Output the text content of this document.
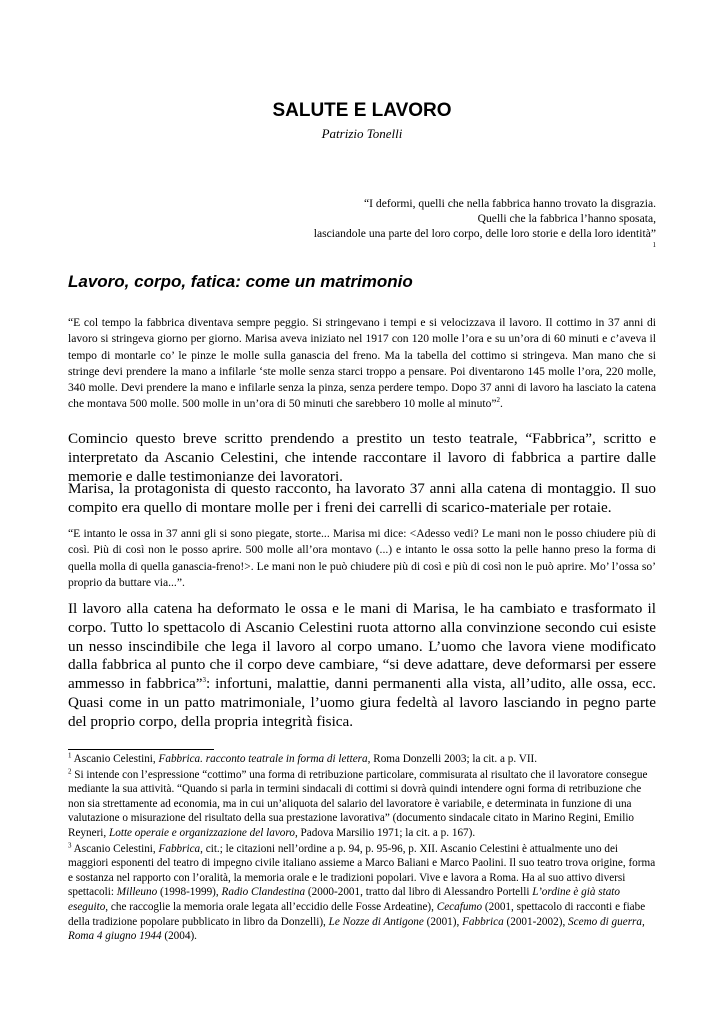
SALUTE E LAVORO
Patrizio Tonelli
“I deformi, quelli che nella fabbrica hanno trovato la disgrazia.
Quelli che la fabbrica l’hanno sposata,
lasciandole una parte del loro corpo, delle loro storie e della loro identità”
$^1$
Lavoro, corpo, fatica: come un matrimonio
“E col tempo la fabbrica diventava sempre peggio. Si stringevano i tempi e si velocizzava il lavoro. Il cottimo in 37 anni di lavoro si stringeva giorno per giorno. Marisa aveva iniziato nel 1917 con 120 molle l’ora e su un’ora di 60 minuti e c’aveva il tempo di montarle co’ le pinze le molle sulla ganascia del freno. Ma la tabella del cottimo si stringeva. Man mano che si stringe devi prendere la mano a infilarle ‘ste molle senza starci troppo a pensare. Poi diventarono 145 molle l’ora, 220 molle, 340 molle. Devi prendere la mano e infilarle senza la pinza, senza perdere tempo. Dopo 37 anni di lavoro ha lasciato la catena che montava 500 molle. 500 molle in un’ora di 50 minuti che sarebbero 10 molle al minuto”$^2$.
Comincio questo breve scritto prendendo a prestito un testo teatrale, “Fabbrica”, scritto e interpretato da Ascanio Celestini, che intende raccontare il lavoro di fabbrica a partire dalle memorie e dalle testimonianze dei lavoratori.
Marisa, la protagonista di questo racconto, ha lavorato 37 anni alla catena di montaggio. Il suo compito era quello di montare molle per i freni dei carrelli di scarico-materiale per rotaie.
“E intanto le ossa in 37 anni gli si sono piegate, storte... Marisa mi dice: <Adesso vedi? Le mani non le posso chiudere più di così. Più di così non le posso aprire. 500 molle all’ora montavo (...) e intanto le ossa sotto la pelle hanno preso la forma di quella molla di quella ganascia-freno!>. Le mani non le può chiudere più di così e più di così non le può aprire. Mo’ l’ossa so’ proprio da buttare via...”.
Il lavoro alla catena ha deformato le ossa e le mani di Marisa, le ha cambiato e trasformato il corpo. Tutto lo spettacolo di Ascanio Celestini ruota attorno alla convinzione secondo cui esiste un nesso inscindibile che lega il lavoro al corpo umano. L’uomo che lavora viene modificato dalla fabbrica al punto che il corpo deve cambiare, “si deve adattare, deve deformarsi per essere ammesso in fabbrica”$^3$: infortuni, malattie, danni permanenti alla vista, all’udito, alle ossa, ecc. Quasi come in un patto matrimoniale, l’uomo giura fedeltà al lavoro lasciando in pegno parte del proprio corpo, della propria integrità fisica.
$^1$ Ascanio Celestini, Fabbrica. racconto teatrale in forma di lettera, Roma Donzelli 2003; la cit. a p. VII.
$^2$ Si intende con l’espressione “cottimo” una forma di retribuzione particolare, commisurata al risultato che il lavoratore consegue mediante la sua attività. “Quando si parla in termini sindacali di cottimi si dovrà quindi intendere ogni forma di retribuzione che non sia strettamente ad economia, ma in cui un’aliquota del salario del lavoratore è variabile, e determinata in funzione di una valutazione o misurazione del risultato della sua prestazione lavorativa” (documento sindacale citato in Marino Regini, Emilio Reyneri, Lotte operaie e organizzazione del lavoro, Padova Marsilio 1971; la cit. a p. 167).
$^3$ Ascanio Celestini, Fabbrica, cit.; le citazioni nell’ordine a p. 94, p. 95-96, p. XII. Ascanio Celestini è attualmente uno dei maggiori esponenti del teatro di impegno civile italiano assieme a Marco Baliani e Marco Paolini. Il suo teatro trova origine, forma e sostanza nel rapporto con l’oralità, la memoria orale e le tradizioni popolari. Vive e lavora a Roma. Ha al suo attivo diversi spettacoli: Milleuno (1998-1999), Radio Clandestina (2000-2001, tratto dal libro di Alessandro Portelli L’ordine è già stato eseguito, che raccoglie la memoria orale legata all’eccidio delle Fosse Ardeatine), Cecafumo (2001, spettacolo di racconti e fiabe della tradizione popolare pubblicato in libro da Donzelli), Le Nozze di Antigone (2001), Fabbrica (2001-2002), Scemo di guerra, Roma 4 giugno 1944 (2004).
